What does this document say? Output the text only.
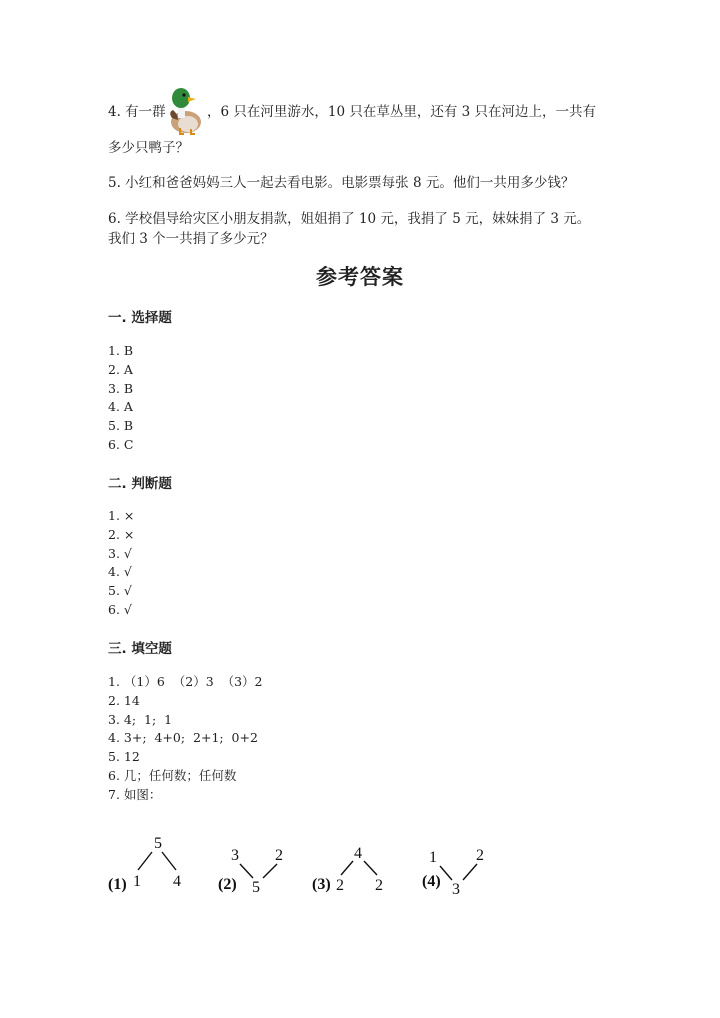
4. 有一群	，6 只在河里游水，10 只在草丛里，还有 3 只在河边上，一共有
多少只鸭子？
5. 小红和爸爸妈妈三人一起去看电影。电影票每张 8 元。他们一共用多少钱？
6. 学校倡导给灾区小朋友捐款，姐姐捐了 10 元，我捐了 5 元，妹妹捐了 3 元。
我们 3 个一共捐了多少元？
参考答案
一. 选择题
1. B
2. A
3. B
4. A
5. B
6. C
二. 判断题
1. ×
2. ×
3. √
4. √
5. √
6. √
三. 填空题
1. （1）6  （2）3  （3）2
2. 14
3. 4;  1;  1
4. 3+;  4+0;  2+1;  0+2
5. 12
6. 几；任何数；任何数
7. 如图：
(1)
5
1 4 (2)
3 2
5	(3)
4
2 2 (4)
1 2
3
